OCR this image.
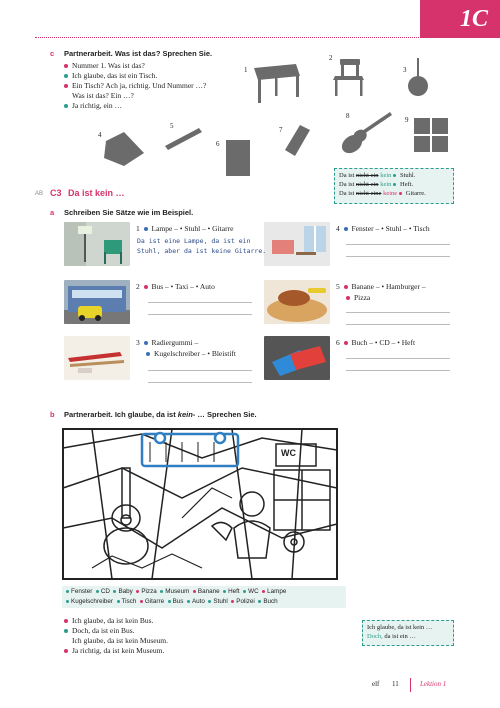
1C
c Partnerarbeit. Was ist das? Sprechen Sie.
Nummer 1. Was ist das?
Ich glaube, das ist ein Tisch.
Ein Tisch? Ach ja, richtig. Und Nummer …?
Was ist das? Ein …?
Ja richtig, ein …
1
2
3
4
5
6
7
8	9
Da ist nicht ein kein Stuhl.
Da ist nicht ein kein Heft.
Da ist nicht eine keine Gitarre.
AB C3 Da ist kein …
a Schreiben Sie Sätze wie im Beispiel.
1 Lampe – • Stuhl – • Gitarre
Da ist eine Lampe, da ist ein
Stuhl, aber da ist keine Gitarre.
2 Bus – • Taxi – • Auto
3 Radiergummi –
Kugelschreiber – • Bleistift
4 Fenster – • Stuhl – • Tisch
5 Banane – • Hamburger –
Pizza
6 Buch – • CD – • Heft
b Partnerarbeit. Ich glaube, da ist kein- … Sprechen Sie.
WC
Fenster CD Baby Pizza Museum Banane Heft WC Lampe
Kugelschreiber Tisch Gitarre Bus Auto Stuhl Polizei Buch
Ich glaube, da ist kein Bus.
Doch, da ist ein Bus.
Ich glaube, da ist kein Museum.
Ja richtig, da ist kein Museum.
Ich glaube, da ist kein …
Doch, da ist ein …
elf 11	Lektion 1
